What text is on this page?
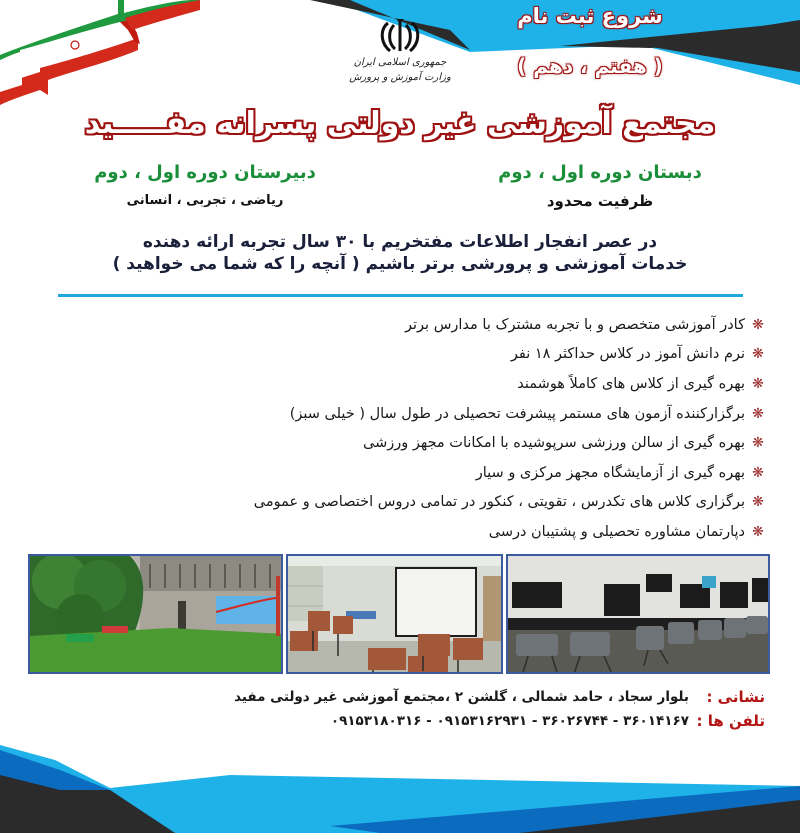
جمهوری اسلامی ایران
وزارت آموزش و پرورش
شروع ثبت نام
( هفتم ، دهم )
مجتمع آموزشی غیر دولتی پسرانه مفـــــید
دبستان دوره اول ، دوم
ظرفیت محدود
دبیرستان دوره اول ، دوم
ریاضی ، تجربی ، انسانی
در عصر انفجار اطلاعات مفتخریم با ۳۰ سال تجربه ارائه دهنده
خدمات آموزشی و پرورشی برتر باشیم ( آنچه را که شما می خواهید )
❋
کادر آموزشی متخصص و با تجربه مشترک با مدارس برتر
❋
نرم دانش آموز در کلاس حداکثر ۱۸ نفر
❋
بهره گیری از کلاس های کاملاً هوشمند
❋
برگزارکننده آزمون های مستمر پیشرفت تحصیلی در طول سال ( خیلی سبز)
❋
بهره گیری از سالن ورزشی سرپوشیده با امکانات مجهز ورزشی
❋
بهره گیری از آزمایشگاه مجهز مرکزی و سیار
❋
برگزاری کلاس های تکدرس ، تقویتی ، کنکور در تمامی دروس اختصاصی و عمومی
❋
دپارتمان مشاوره تحصیلی و پشتیبان درسی
نشانی :
بلوار سجاد ، حامد شمالی ، گلشن ۲ ،مجتمع آموزشی غیر دولتی مفید
تلفن ها :
۳۶۰۱۴۱۶۷ - ۳۶۰۲۶۷۴۴ - ۰۹۱۵۳۱۶۲۹۳۱ - ۰۹۱۵۳۱۸۰۳۱۶
